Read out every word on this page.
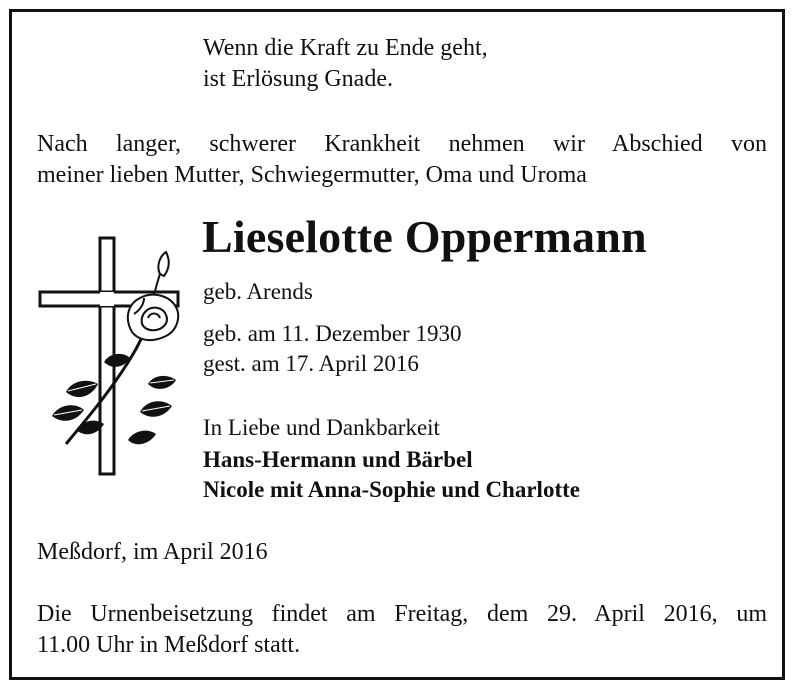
Wenn die Kraft zu Ende geht,

ist Erlösung Gnade.

Nach langer, schwerer Krankheit nehmen wir Abschied von

meiner lieben Mutter, Schwiegermutter, Oma und Uroma

Lieselotte Oppermann

geb. Arends

geb. am 11. Dezember 1930

gest. am 17. April 2016

In Liebe und Dankbarkeit

Hans-Hermann und Bärbel

Nicole mit Anna-Sophie und Charlotte

Meßdorf, im April 2016

Die Urnenbeisetzung findet am Freitag, dem 29. April 2016, um

11.00 Uhr in Meßdorf statt.
